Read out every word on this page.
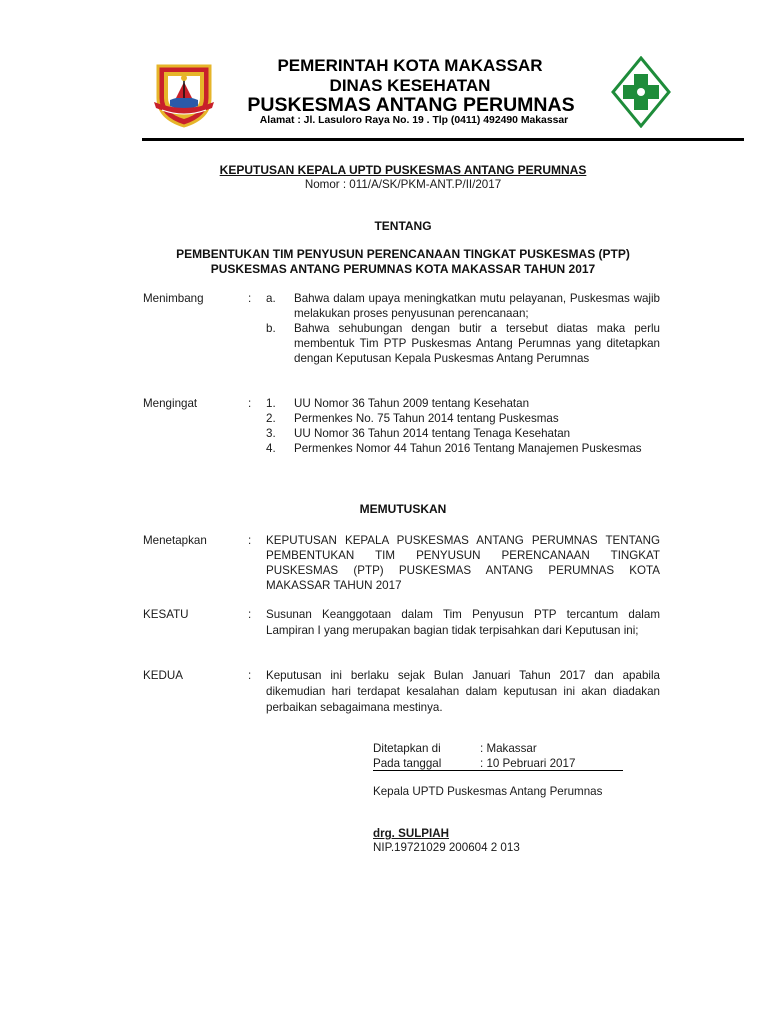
PEMERINTAH KOTA MAKASSAR
DINAS KESEHATAN
PUSKESMAS ANTANG PERUMNAS
Alamat : Jl. Lasuloro Raya No. 19 . Tlp (0411) 492490 Makassar
KEPUTUSAN KEPALA UPTD PUSKESMAS ANTANG PERUMNAS
Nomor : 011/A/SK/PKM-ANT.P/II/2017
TENTANG
PEMBENTUKAN TIM PENYUSUN PERENCANAAN TINGKAT PUSKESMAS (PTP)
PUSKESMAS ANTANG PERUMNAS KOTA MAKASSAR TAHUN 2017
Menimbang	: a.	Bahwa dalam upaya meningkatkan mutu pelayanan, Puskesmas wajib melakukan proses penyusunan perencanaan;
b.	Bahwa sehubungan dengan butir a tersebut diatas maka perlu membentuk Tim PTP Puskesmas Antang Perumnas yang ditetapkan dengan Keputusan Kepala Puskesmas Antang Perumnas
Mengingat	: 1.	UU Nomor 36 Tahun 2009 tentang Kesehatan
2.	Permenkes No. 75 Tahun 2014 tentang Puskesmas
3.	UU Nomor 36 Tahun 2014 tentang Tenaga Kesehatan
4.	Permenkes Nomor 44 Tahun 2016 Tentang Manajemen Puskesmas
MEMUTUSKAN
Menetapkan	: KEPUTUSAN KEPALA PUSKESMAS ANTANG PERUMNAS TENTANG PEMBENTUKAN TIM PENYUSUN PERENCANAAN TINGKAT PUSKESMAS (PTP) PUSKESMAS ANTANG PERUMNAS KOTA MAKASSAR TAHUN 2017
KESATU	: Susunan Keanggotaan dalam Tim Penyusun PTP tercantum dalam Lampiran I yang merupakan bagian tidak terpisahkan dari Keputusan ini;
KEDUA	: Keputusan ini berlaku sejak Bulan Januari Tahun 2017 dan apabila dikemudian hari terdapat kesalahan dalam keputusan ini akan diadakan perbaikan sebagaimana mestinya.
Ditetapkan di	: Makassar
Pada tanggal	: 10 Pebruari 2017
Kepala UPTD Puskesmas Antang Perumnas
drg. SULPIAH
NIP.19721029 200604 2 013
